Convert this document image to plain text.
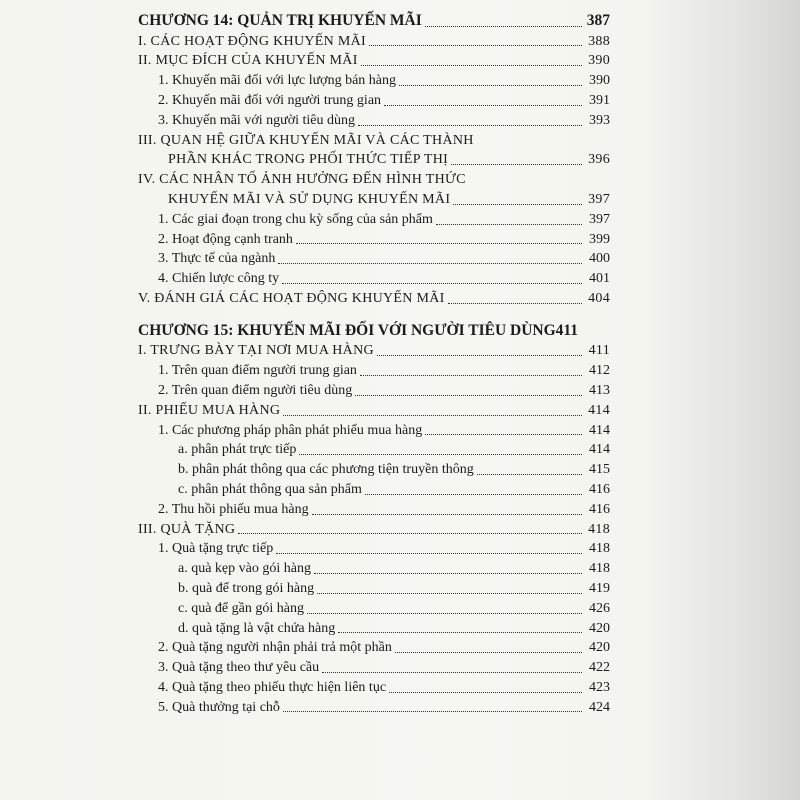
CHƯƠNG 14: QUẢN TRỊ KHUYẾN MÃI	387
I. CÁC HOẠT ĐỘNG KHUYẾN MÃI	388
II. MỤC ĐÍCH CỦA KHUYẾN MÃI	390
1. Khuyến mãi đối với lực lượng bán hàng	390
2. Khuyến mãi đối với người trung gian	391
3. Khuyến mãi với người tiêu dùng	393
III. QUAN HỆ GIỮA KHUYẾN MÃI VÀ CÁC THÀNH
PHẦN KHÁC TRONG PHỐI THỨC TIẾP THỊ	396
IV. CÁC NHÂN TỐ ẢNH HƯỞNG ĐẾN HÌNH THỨC
KHUYẾN MÃI VÀ SỬ DỤNG KHUYẾN MÃI	397
1. Các giai đoạn trong chu kỳ sống của sản phẩm	397
2. Hoạt động cạnh tranh	399
3. Thực tế của ngành	400
4. Chiến lược công ty	401
V. ĐÁNH GIÁ CÁC HOẠT ĐỘNG KHUYẾN MÃI	404
CHƯƠNG 15: KHUYẾN MÃI ĐỐI VỚI NGƯỜI TIÊU DÙNG411
I. TRƯNG BÀY TẠI NƠI MUA HÀNG	411
1. Trên quan điểm người trung gian	412
2. Trên quan điểm người tiêu dùng	413
II. PHIẾU MUA HÀNG	414
1. Các phương pháp phân phát phiếu mua hàng	414
a. phân phát trực tiếp	414
b. phân phát thông qua các phương tiện truyền thông	415
c. phân phát thông qua sản phẩm	416
2. Thu hồi phiếu mua hàng	416
III. QUÀ TẶNG	418
1. Quà tặng trực tiếp	418
a. quà kẹp vào gói hàng	418
b. quà để trong gói hàng	419
c. quà để gần gói hàng	426
d. quà tặng là vật chứa hàng	420
2. Quà tặng người nhận phải trả một phần	420
3. Quà tặng theo thư yêu cầu	422
4. Quà tặng theo phiếu thực hiện liên tục	423
5. Quà thưởng tại chỗ	424
